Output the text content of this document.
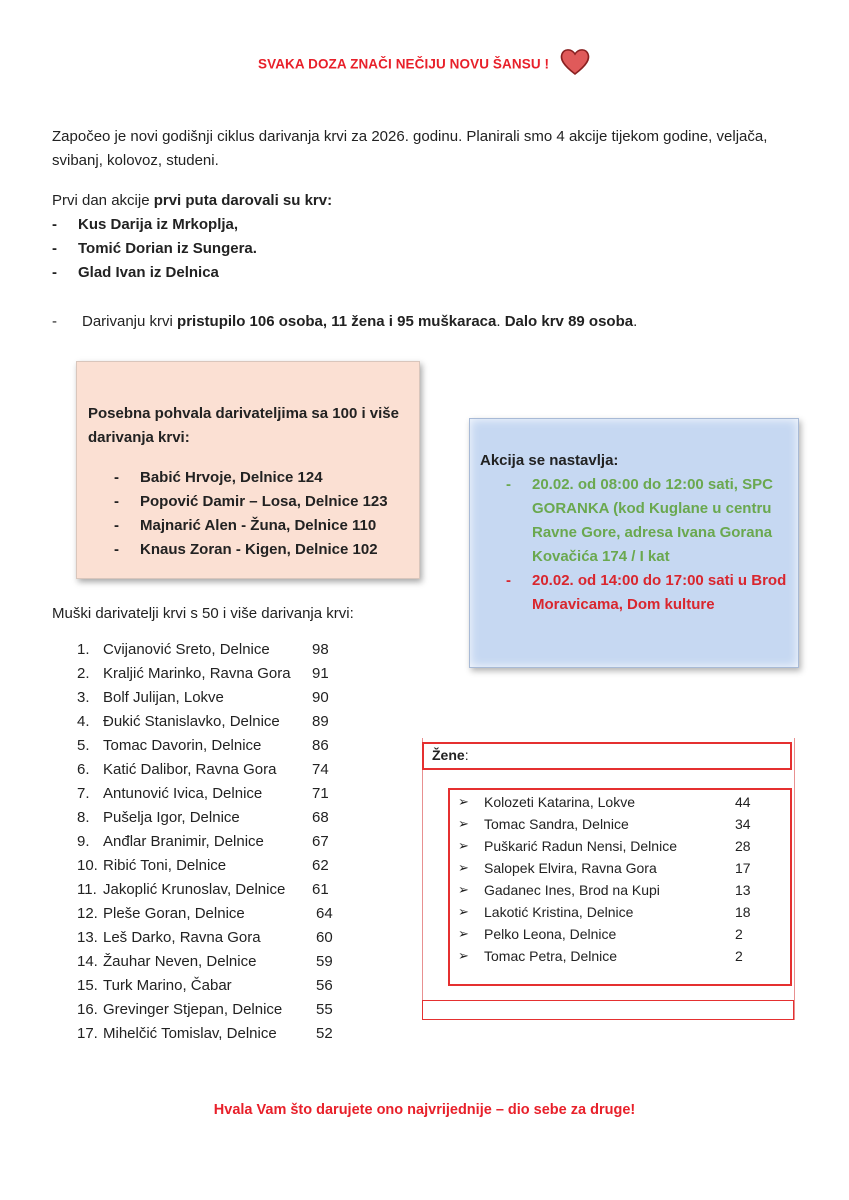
SVAKA DOZA ZNAČI NEČIJU NOVU ŠANSU !
Započeo je novi godišnji ciklus darivanja krvi za 2026. godinu. Planirali smo 4 akcije tijekom godine, veljača, svibanj, kolovoz, studeni.
Prvi dan akcije prvi puta darovali su krv:
- Kus Darija iz Mrkoplja,
- Tomić Dorian iz Sungera.
- Glad Ivan iz Delnica
- Darivanju krvi pristupilo 106 osoba, 11 žena i 95 muškaraca. Dalo krv 89 osoba.
Posebna pohvala darivateljima sa 100 i više darivanja krvi:
- Babić Hrvoje, Delnice 124
- Popović Damir – Losa, Delnice 123
- Majnarić Alen - Žuna, Delnice 110
- Knaus Zoran - Kigen, Delnice 102
Akcija se nastavlja:
- 20.02. od 08:00 do 12:00 sati, SPC GORANKA (kod Kuglane u centru Ravne Gore, adresa Ivana Gorana Kovačića 174 / I kat
- 20.02. od 14:00 do 17:00 sati u Brod Moravicama, Dom kulture
Muški darivatelji krvi s 50 i više darivanja krvi:
1. Cvijanović Sreto, Delnice	98
2. Kraljić Marinko, Ravna Gora 91
3. Bolf Julijan, Lokve	90
4. Đukić Stanislavko, Delnice 89
5. Tomac Davorin, Delnice	86
6. Katić Dalibor, Ravna Gora 74
7. Antunović Ivica, Delnice	71
8. Pušelja Igor, Delnice	68
9. Anđlar Branimir, Delnice	67
10. Ribić Toni, Delnice	62
11. Jakoplić Krunoslav, Delnice 61
12. Pleše Goran, Delnice	64
13. Leš Darko, Ravna Gora	60
14. Žauhar Neven, Delnice	59
15. Turk Marino, Čabar	56
16. Grevinger Stjepan, Delnice 55
17. Mihelčić Tomislav, Delnice	52
Žene:
➢ Kolozeti Katarina, Lokve	44
➢ Tomac Sandra, Delnice	34
➢ Puškarić Radun Nensi, Delnice	28
➢ Salopek Elvira, Ravna Gora	17
➢ Gadanec Ines, Brod na Kupi	13
➢ Lakotić Kristina, Delnice	18
➢ Pelko Leona, Delnice	2
➢ Tomac Petra, Delnice	2
Hvala Vam što darujete ono najvrijednije – dio sebe za druge!
